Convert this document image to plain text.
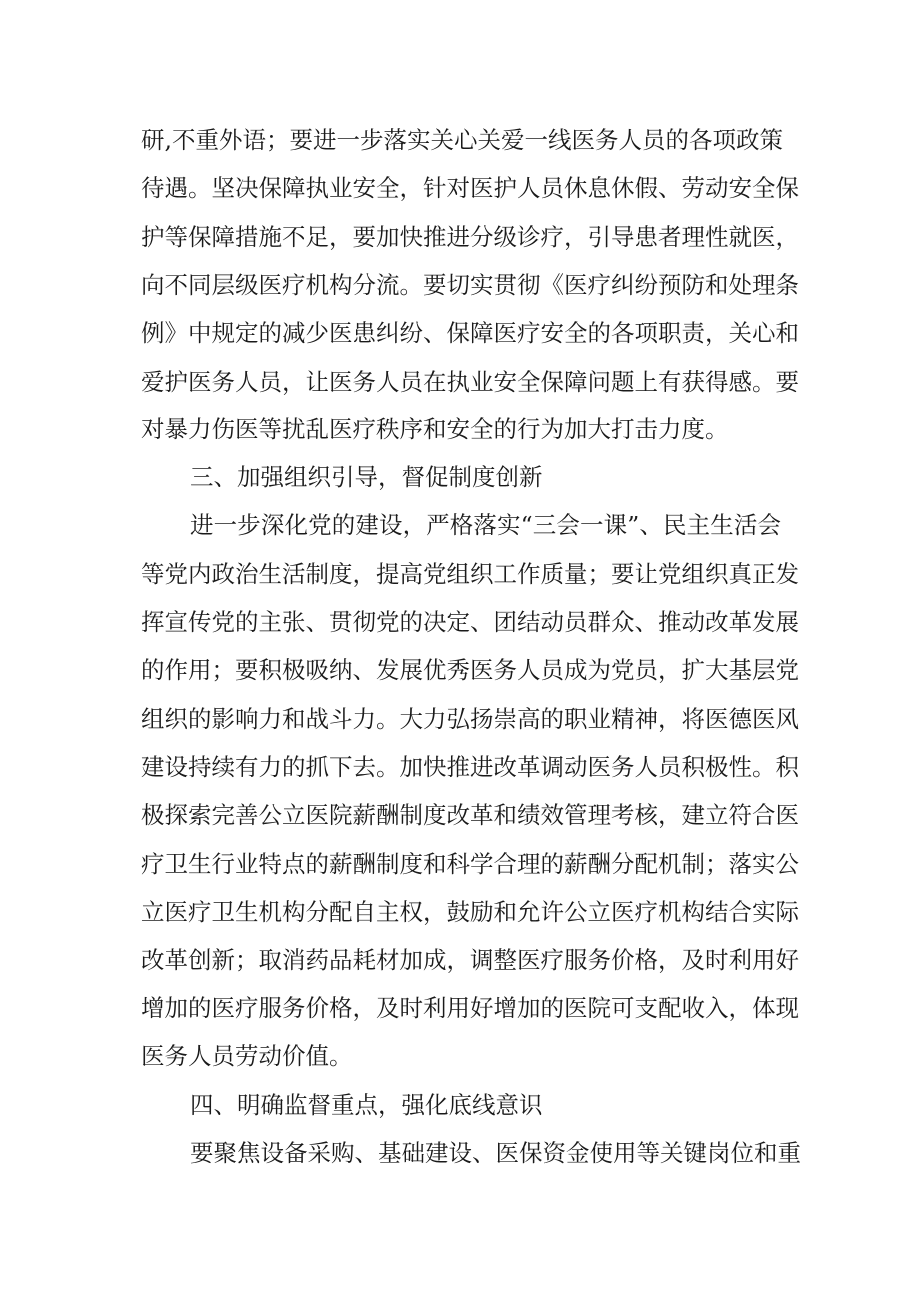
研,不重外语；要进一步落实关心关爱一线医务人员的各项政策
待遇。坚决保障执业安全，针对医护人员休息休假、劳动安全保
护等保障措施不足，要加快推进分级诊疗，引导患者理性就医，
向不同层级医疗机构分流。要切实贯彻《医疗纠纷预防和处理条
例》中规定的减少医患纠纷、保障医疗安全的各项职责，关心和
爱护医务人员，让医务人员在执业安全保障问题上有获得感。要
对暴力伤医等扰乱医疗秩序和安全的行为加大打击力度。
三、加强组织引导，督促制度创新
进一步深化党的建设，严格落实“三会一课”、民主生活会
等党内政治生活制度，提高党组织工作质量；要让党组织真正发
挥宣传党的主张、贯彻党的决定、团结动员群众、推动改革发展
的作用；要积极吸纳、发展优秀医务人员成为党员，扩大基层党
组织的影响力和战斗力。大力弘扬崇高的职业精神，将医德医风
建设持续有力的抓下去。加快推进改革调动医务人员积极性。积
极探索完善公立医院薪酬制度改革和绩效管理考核，建立符合医
疗卫生行业特点的薪酬制度和科学合理的薪酬分配机制；落实公
立医疗卫生机构分配自主权，鼓励和允许公立医疗机构结合实际
改革创新；取消药品耗材加成，调整医疗服务价格，及时利用好
增加的医疗服务价格，及时利用好增加的医院可支配收入，体现
医务人员劳动价值。
四、明确监督重点，强化底线意识
要聚焦设备采购、基础建设、医保资金使用等关键岗位和重
